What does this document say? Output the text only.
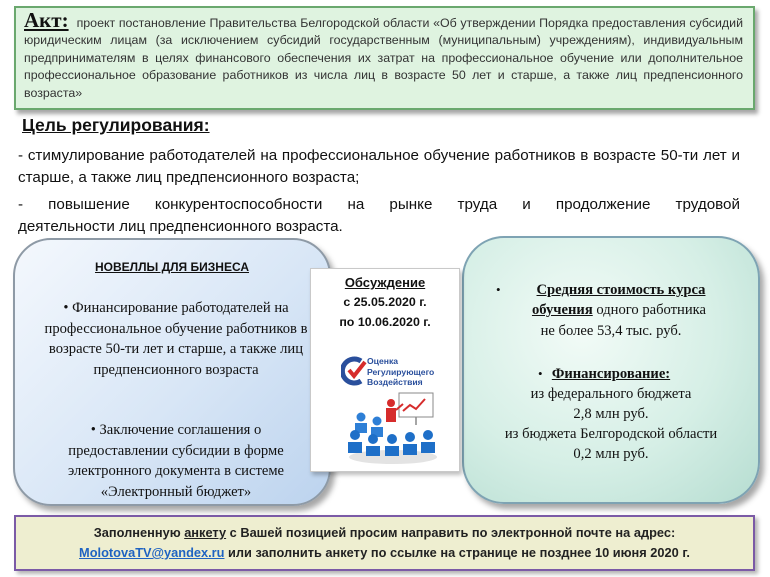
Акт: проект постановление Правительства Белгородской области «Об утверждении Порядка предоставления субсидий юридическим лицам (за исключением субсидий государственным (муниципальным) учреждениям), индивидуальным предпринимателям в целях финансового обеспечения их затрат на профессиональное обучение или дополнительное профессиональное образование работников из числа лиц в возрасте 50 лет и старше, а также лиц предпенсионного возраста»
Цель регулирования:
- стимулирование работодателей на профессиональное обучение работников в возрасте 50-ти лет и старше, а также лиц предпенсионного возраста;
- повышение конкурентоспособности на рынке труда и продолжение трудовой
деятельности лиц предпенсионного возраста.
НОВЕЛЛЫ ДЛЯ БИЗНЕСА
• Финансирование работодателей на профессиональное обучение работников в возрасте 50-ти лет и старше, а также лиц предпенсионного возраста
• Заключение соглашения о предоставлении субсидии в форме электронного документа в системе «Электронный бюджет»
•	Средняя стоимость курса
обучения одного работника
не более 53,4 тыс. руб.
• Финансирование:
из федерального бюджета
2,8 млн руб.
из бюджета Белгородской области
0,2 млн руб.
Обсуждение
с 25.05.2020 г.
по 10.06.2020 г.
Оценка
Регулирующего
Воздействия
Заполненную анкету с Вашей позицией просим направить по электронной почте на адрес:
MolotovaTV@yandex.ru или заполнить анкету по ссылке на странице не позднее 10 июня 2020 г.
